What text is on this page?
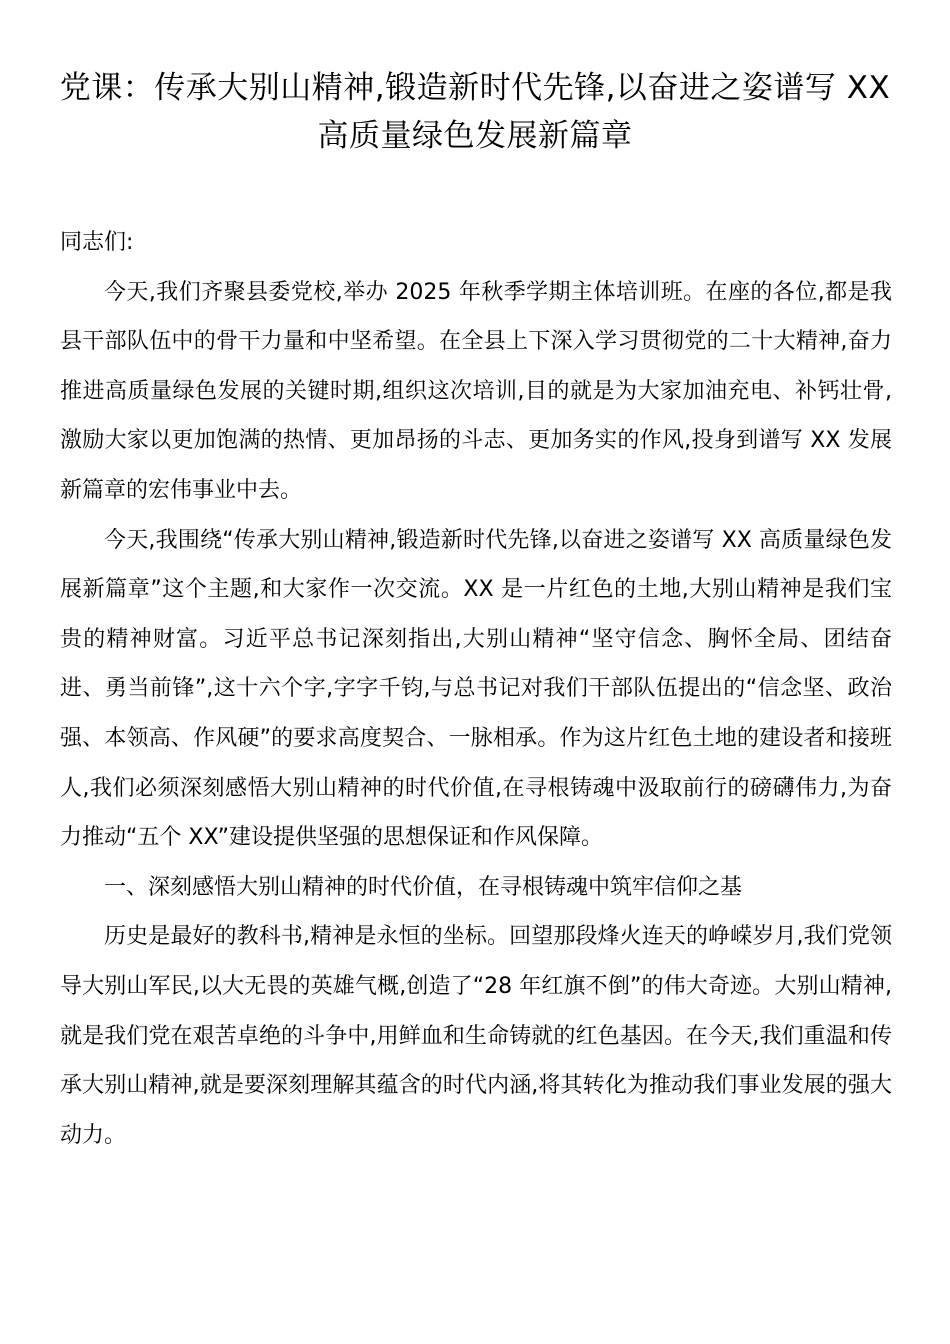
党课：传承大别山精神,锻造新时代先锋,以奋进之姿谱写 XX 高质量绿色发展新篇章

同志们:

今天,我们齐聚县委党校,举办 2025 年秋季学期主体培训班。在座的各位,都是我县干部队伍中的骨干力量和中坚希望。在全县上下深入学习贯彻党的二十大精神,奋力推进高质量绿色发展的关键时期,组织这次培训,目的就是为大家加油充电、补钙壮骨,激励大家以更加饱满的热情、更加昂扬的斗志、更加务实的作风,投身到谱写 XX 发展新篇章的宏伟事业中去。

今天,我围绕“传承大别山精神,锻造新时代先锋,以奋进之姿谱写 XX 高质量绿色发展新篇章”这个主题,和大家作一次交流。XX 是一片红色的土地,大别山精神是我们宝贵的精神财富。习近平总书记深刻指出,大别山精神“坚守信念、胸怀全局、团结奋进、勇当前锋”,这十六个字,字字千钧,与总书记对我们干部队伍提出的“信念坚、政治强、本领高、作风硬”的要求高度契合、一脉相承。作为这片红色土地的建设者和接班人,我们必须深刻感悟大别山精神的时代价值,在寻根铸魂中汲取前行的磅礴伟力,为奋力推动“五个 XX”建设提供坚强的思想保证和作风保障。

一、深刻感悟大别山精神的时代价值，在寻根铸魂中筑牢信仰之基

历史是最好的教科书,精神是永恒的坐标。回望那段烽火连天的峥嵘岁月,我们党领导大别山军民,以大无畏的英雄气概,创造了“28 年红旗不倒”的伟大奇迹。大别山精神,就是我们党在艰苦卓绝的斗争中,用鲜血和生命铸就的红色基因。在今天,我们重温和传承大别山精神,就是要深刻理解其蕴含的时代内涵,将其转化为推动我们事业发展的强大动力。
